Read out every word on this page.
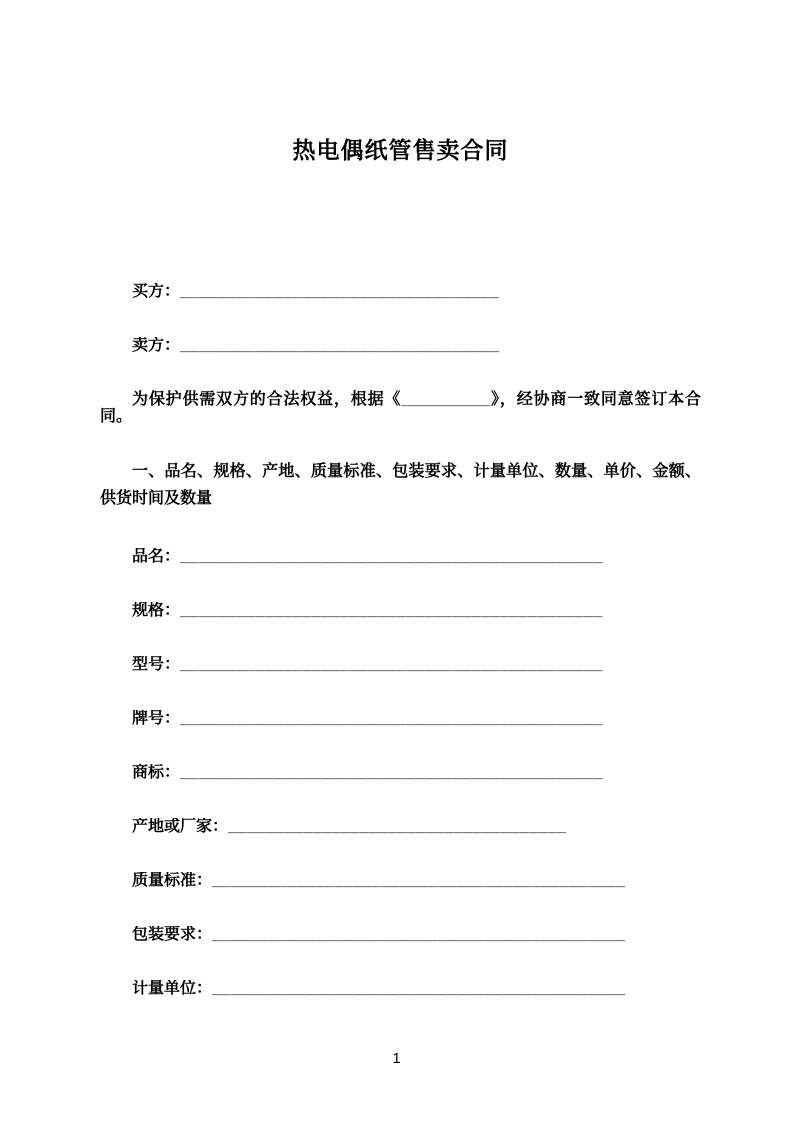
热电偶纸管售卖合同
买方：__________________________________
卖方：__________________________________
为保护供需双方的合法权益，根据《__________》，经协商一致同意签订本合同。
一、品名、规格、产地、质量标准、包装要求、计量单位、数量、单价、金额、供货时间及数量
品名：_____________________________________________
规格：_____________________________________________
型号：_____________________________________________
牌号：_____________________________________________
商标：_____________________________________________
产地或厂家：____________________________________
质量标准：____________________________________________
包装要求：____________________________________________
计量单位：____________________________________________
1
